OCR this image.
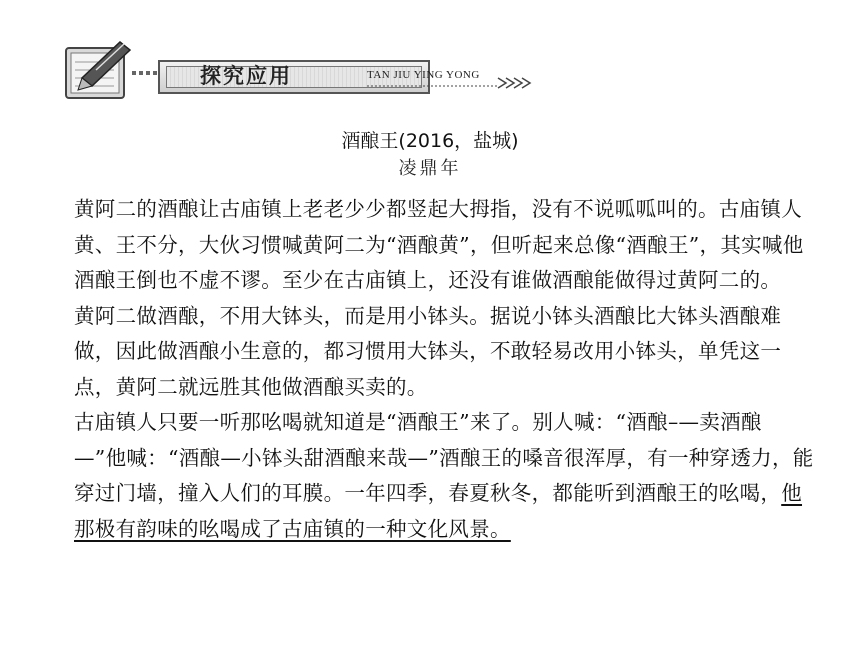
探究应用	TAN JIU YING YONG
酒酿王(2016，盐城)
凌鼎年

黄阿二的酒酿让古庙镇上老老少少都竖起大拇指，没有不说呱呱叫的。古庙镇人黄、王不分，大伙习惯喊黄阿二为“酒酿黄”，但听起来总像“酒酿王”，其实喊他酒酿王倒也不虚不谬。至少在古庙镇上，还没有谁做酒酿能做得过黄阿二的。

黄阿二做酒酿，不用大钵头，而是用小钵头。据说小钵头酒酿比大钵头酒酿难做，因此做酒酿小生意的，都习惯用大钵头，不敢轻易改用小钵头，单凭这一点，黄阿二就远胜其他做酒酿买卖的。

古庙镇人只要一听那吆喝就知道是“酒酿王”来了。别人喊：“酒酿–—卖酒酿—”他喊：“酒酿—小钵头甜酒酿来哉—”酒酿王的嗓音很浑厚，有一种穿透力，能穿过门墙，撞入人们的耳膜。一年四季，春夏秋冬，都能听到酒酿王的吆喝，他那极有韵味的吆喝成了古庙镇的一种文化风景。
